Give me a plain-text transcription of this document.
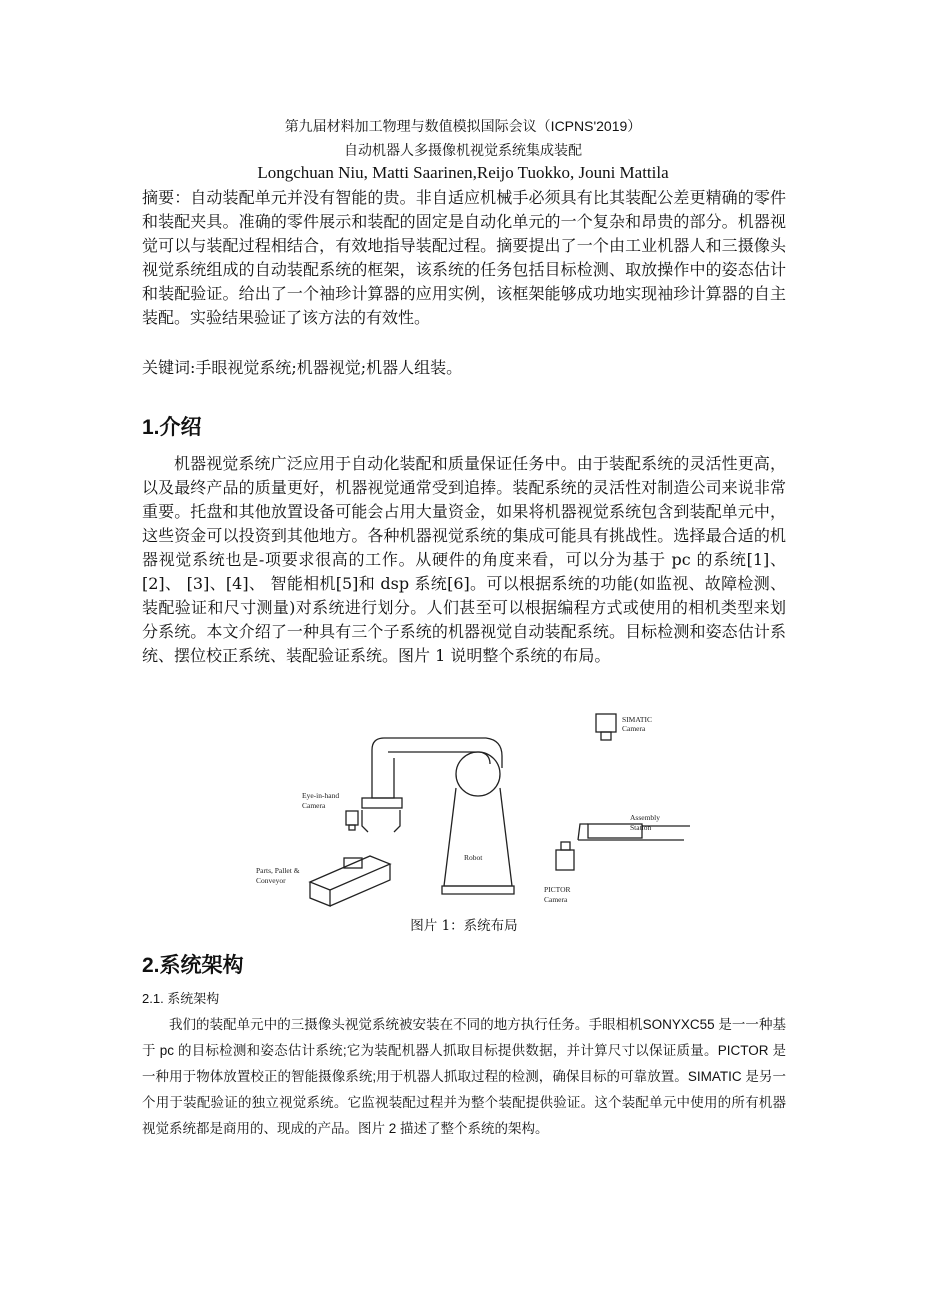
第九届材料加工物理与数值模拟国际会议（ICPNS'2019）
自动机器人多摄像机视觉系统集成装配
Longchuan Niu, Matti Saarinen,Reijo Tuokko, Jouni Mattila
摘要：自动装配单元并没有智能的贵。非自适应机械手必须具有比其装配公差更精确的零件和装配夹具。准确的零件展示和装配的固定是自动化单元的一个复杂和昂贵的部分。机器视觉可以与装配过程相结合，有效地指导装配过程。摘要提出了一个由工业机器人和三摄像头视觉系统组成的自动装配系统的框架，该系统的任务包括目标检测、取放操作中的姿态估计和装配验证。给出了一个袖珍计算器的应用实例，该框架能够成功地实现袖珍计算器的自主装配。实验结果验证了该方法的有效性。
关键词:手眼视觉系统;机器视觉;机器人组装。
1.介绍
机器视觉系统广泛应用于自动化装配和质量保证任务中。由于装配系统的灵活性更高，以及最终产品的质量更好，机器视觉通常受到追捧。装配系统的灵活性对制造公司来说非常重要。托盘和其他放置设备可能会占用大量资金，如果将机器视觉系统包含到装配单元中，这些资金可以投资到其他地方。各种机器视觉系统的集成可能具有挑战性。选择最合适的机器视觉系统也是-项要求很高的工作。从硬件的角度来看，可以分为基于 pc 的系统[1]、[2]、 [3]、[4]、 智能相机[5]和 dsp 系统[6]。可以根据系统的功能(如监视、故障检测、装配验证和尺寸测量)对系统进行划分。人们甚至可以根据编程方式或使用的相机类型来划分系统。本文介绍了一种具有三个子系统的机器视觉自动装配系统。目标检测和姿态估计系统、摆位校正系统、装配验证系统。图片 1 说明整个系统的布局。
SIMATIC
Camera
Eye-in-hand
Camera
Assembly
Station
Parts, Pallet &
Conveyor
Robot
PICTOR
Camera
图片 1：系统布局
2.系统架构
2.1. 系统架构
我们的装配单元中的三摄像头视觉系统被安装在不同的地方执行任务。手眼相机SONYXC55 是一一种基于 pc 的目标检测和姿态估计系统;它为装配机器人抓取目标提供数据，并计算尺寸以保证质量。PICTOR 是一种用于物体放置校正的智能摄像系统;用于机器人抓取过程的检测，确保目标的可靠放置。SIMATIC 是另一个用于装配验证的独立视觉系统。它监视装配过程并为整个装配提供验证。这个装配单元中使用的所有机器视觉系统都是商用的、现成的产品。图片 2 描述了整个系统的架构。
